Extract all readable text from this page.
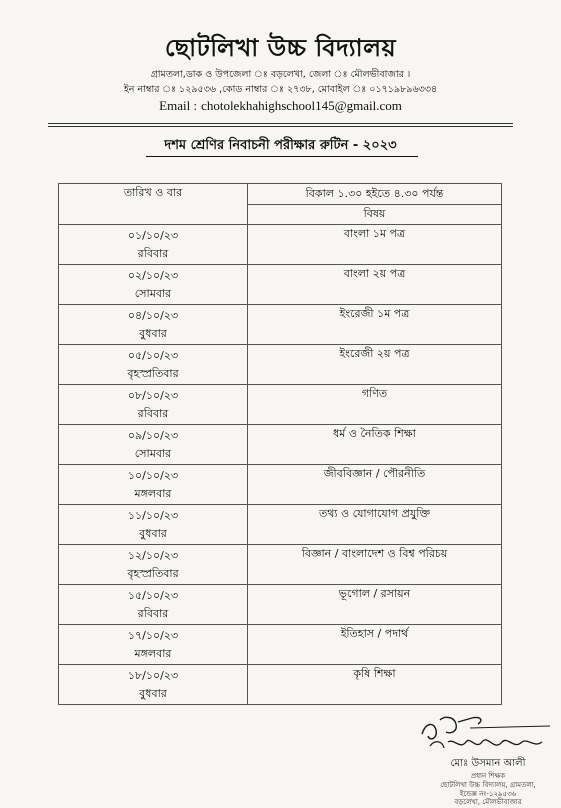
ছোটলিখা উচ্চ বিদ্যালয়
গ্রামতলা,ডাক ও উপজেলা ঃ বড়লেখা, জেলা ঃ মৌলভীবাজার ।
ইন নাম্বার ঃ ১২৯৫৩৬ ,কোড নাম্বার ঃ ২৭৩৮, মোবাইল ঃ ০১৭১৯৮৯৬৩৩৪
Email : chotolekhahighschool145@gmail.com
দশম শ্রেণির নিবাচনী পরীক্ষার রুটিন - ২০২৩
তারিখ ও বার	বিকাল ১.৩০ হইতে ৪.৩০ পর্যন্ত
	বিষয়

০১/১০/২৩
রবিবার	বাংলা ১ম পত্র

০২/১০/২৩
সোমবার	বাংলা ২য় পত্র

০৪/১০/২৩
বুধবার	ইংরেজী ১ম পত্র

০৫/১০/২৩
বৃহস্প্রতিবার	ইংরেজী ২য় পত্র

০৮/১০/২৩
রবিবার	গণিত

০৯/১০/২৩
সোমবার	ধর্ম ও নৈতিক শিক্ষা

১০/১০/২৩
মঙ্গলবার	জীববিজ্ঞান / পৌরনীতি

১১/১০/২৩
বুধবার	তথ্য ও যোগাযোগ প্রযুক্তি

১২/১০/২৩
বৃহস্প্রতিবার	বিজ্ঞান / বাংলাদেশ ও বিশ্ব পরিচয়

১৫/১০/২৩
রবিবার	ভূগোল / রসায়ন

১৭/১০/২৩
মঙ্গলবার	ইতিহাস / পদার্থ

১৮/১০/২৩
বুধবার	কৃষি শিক্ষা
মোঃ উসমান আলী
প্রধান শিক্ষক
ছোটলিখা উচ্চ বিদ্যালয়, গ্রামতলা,
ইন্ডেক্স নং-১২৯৫৩৬
বড়লেখা, মৌলভীবাজার
